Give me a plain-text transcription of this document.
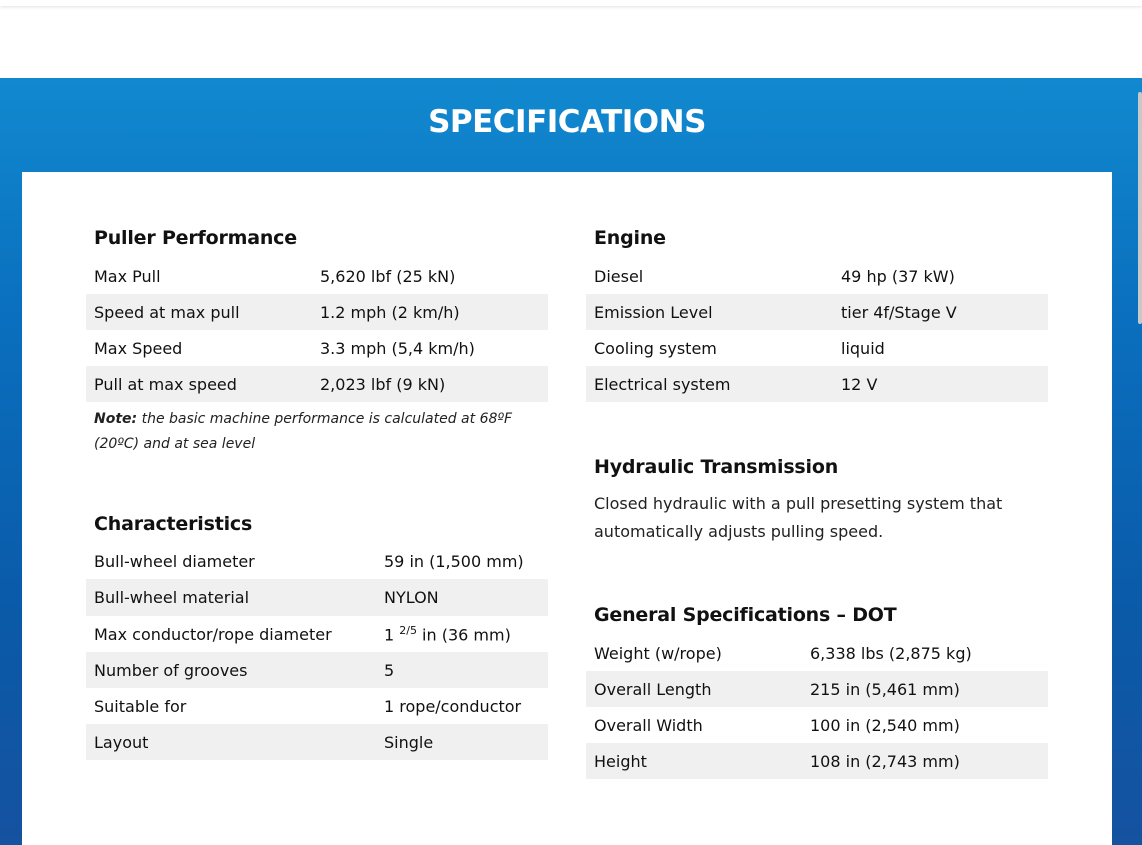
SPECIFICATIONS
Puller Performance
Max Pull	5,620 lbf (25 kN)
Speed at max pull	1.2 mph (2 km/h)
Max Speed	3.3 mph (5,4 km/h)
Pull at max speed	2,023 lbf (9 kN)
Note: the basic machine performance is calculated at 68ºF (20ºC) and at sea level
Characteristics
Bull-wheel diameter	59 in (1,500 mm)
Bull-wheel material	NYLON
Max conductor/rope diameter	1 $^{2/5}$ in (36 mm)
Number of grooves	5
Suitable for	1 rope/conductor
Layout	Single
Engine
Diesel	49 hp (37 kW)
Emission Level	tier 4f/Stage V
Cooling system	liquid
Electrical system	12 V
Hydraulic Transmission
Closed hydraulic with a pull presetting system that automatically adjusts pulling speed.
General Specifications – DOT
Weight (w/rope)	6,338 lbs (2,875 kg)
Overall Length	215 in (5,461 mm)
Overall Width	100 in (2,540 mm)
Height	108 in (2,743 mm)
